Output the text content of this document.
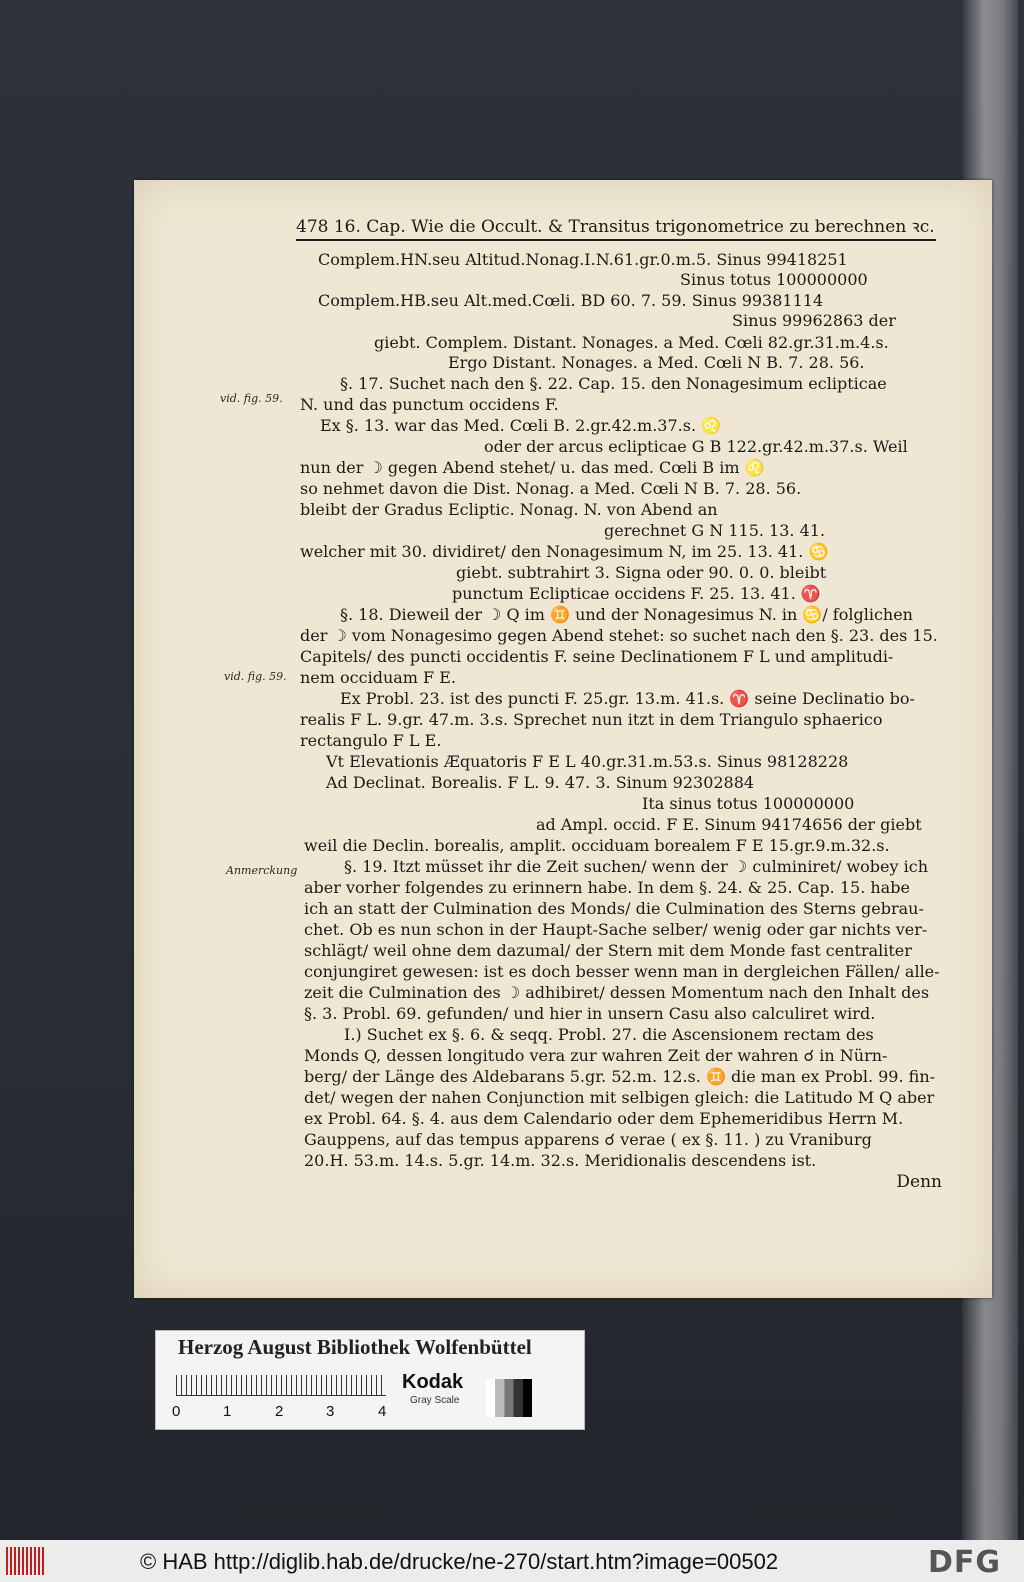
478 16. Cap. Wie die Occult. & Transitus trigonometrice zu berechnen ꝛc.
Complem.HN.seu Altitud.Nonag.I.N.61.gr.0.m.5. Sinus 99418251
Sinus totus 100000000
Complem.HB.seu Alt.med.Cœli. BD 60. 7. 59. Sinus 99381114
Sinus 99962863 der
giebt. Complem. Distant. Nonages. a Med. Cœli 82.gr.31.m.4.s.
Ergo Distant. Nonages. a Med. Cœli N B. 7. 28. 56.
§. 17. Suchet nach den §. 22. Cap. 15. den Nonagesimum eclipticae
N. und das punctum occidens F.
Ex §. 13. war das Med. Cœli B. 2.gr.42.m.37.s. ♌
oder der arcus eclipticae G B 122.gr.42.m.37.s. Weil
nun der ☽ gegen Abend stehet/ u. das med. Cœli B im ♌
so nehmet davon die Dist. Nonag. a Med. Cœli N B. 7. 28. 56.
bleibt der Gradus Ecliptic. Nonag. N. von Abend an
gerechnet G N 115. 13. 41.
welcher mit 30. dividiret/ den Nonagesimum N, im 25. 13. 41. ♋
giebt. subtrahirt 3. Signa oder 90. 0. 0. bleibt
punctum Eclipticae occidens F. 25. 13. 41. ♈
§. 18. Dieweil der ☽ Q im ♊ und der Nonagesimus N. in ♋/ folglichen
der ☽ vom Nonagesimo gegen Abend stehet: so suchet nach den §. 23. des 15.
Capitels/ des puncti occidentis F. seine Declinationem F L und amplitudi-
nem occiduam F E.
Ex Probl. 23. ist des puncti F. 25.gr. 13.m. 41.s. ♈ seine Declinatio bo-
realis F L. 9.gr. 47.m. 3.s. Sprechet nun itzt in dem Triangulo sphaerico
rectangulo F L E.
Vt Elevationis Æquatoris F E L 40.gr.31.m.53.s. Sinus 98128228
Ad Declinat. Borealis. F L. 9. 47. 3. Sinum 92302884
Ita sinus totus 100000000
ad Ampl. occid. F E. Sinum 94174656 der giebt
weil die Declin. borealis, amplit. occiduam borealem F E 15.gr.9.m.32.s.
§. 19. Itzt müsset ihr die Zeit suchen/ wenn der ☽ culminiret/ wobey ich
aber vorher folgendes zu erinnern habe. In dem §. 24. & 25. Cap. 15. habe
ich an statt der Culmination des Monds/ die Culmination des Sterns gebrau-
chet. Ob es nun schon in der Haupt-Sache selber/ wenig oder gar nichts ver-
schlägt/ weil ohne dem dazumal/ der Stern mit dem Monde fast centraliter
conjungiret gewesen: ist es doch besser wenn man in dergleichen Fällen/ alle-
zeit die Culmination des ☽ adhibiret/ dessen Momentum nach den Inhalt des
§. 3. Probl. 69. gefunden/ und hier in unsern Casu also calculiret wird.
I.) Suchet ex §. 6. & seqq. Probl. 27. die Ascensionem rectam des
Monds Q, dessen longitudo vera zur wahren Zeit der wahren ☌ in Nürn-
berg/ der Länge des Aldebarans 5.gr. 52.m. 12.s. ♊ die man ex Probl. 99. fin-
det/ wegen der nahen Conjunction mit selbigen gleich: die Latitudo M Q aber
ex Probl. 64. §. 4. aus dem Calendario oder dem Ephemeridibus Herrn M.
Gauppens, auf das tempus apparens ☌ verae ( ex §. 11. ) zu Vraniburg
20.H. 53.m. 14.s. 5.gr. 14.m. 32.s. Meridionalis descendens ist.
Denn
vid. fig. 59.
vid. fig. 59.
Anmerckung
Herzog August Bibliothek Wolfenbüttel
0	1	2	3	4
Kodak
Gray Scale
© HAB http://diglib.hab.de/drucke/ne-270/start.htm?image=00502	DFG
